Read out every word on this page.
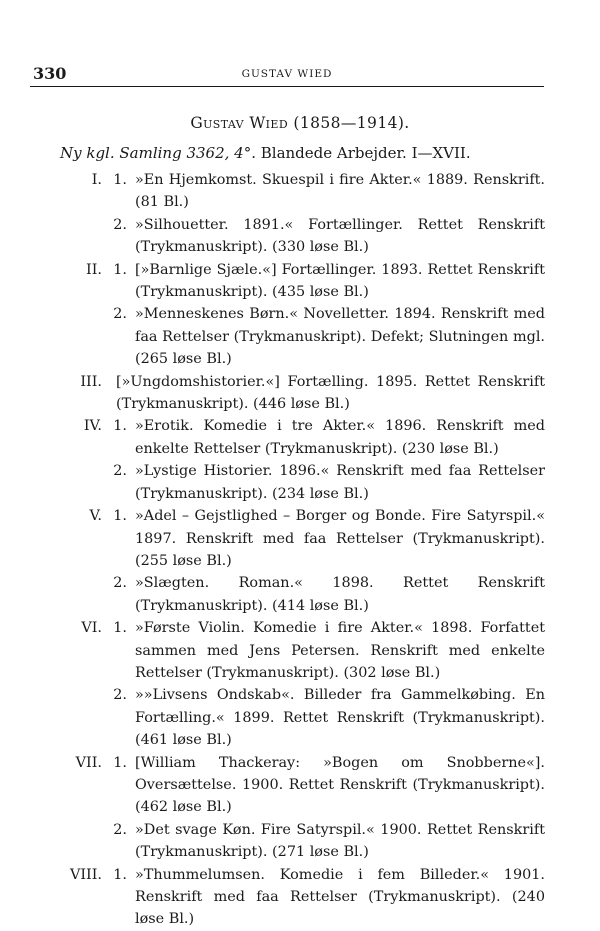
330	GUSTAV WIED
Gustav Wied (1858—1914).
Ny kgl. Samling 3362, 4°. Blandede Arbejder. I—XVII.
I. 1. »En Hjemkomst. Skuespil i fire Akter.« 1889. Renskrift. (81 Bl.)
2. »Silhouetter. 1891.« Fortællinger. Rettet Renskrift (Trykmanuskript). (330 løse Bl.)
II. 1. [»Barnlige Sjæle.«] Fortællinger. 1893. Rettet Renskrift (Trykmanuskript). (435 løse Bl.)
2. »Menneskenes Børn.« Novelletter. 1894. Renskrift med faa Rettelser (Trykmanuskript). Defekt; Slutningen mgl. (265 løse Bl.)
III. [»Ungdomshistorier.«] Fortælling. 1895. Rettet Renskrift (Trykmanuskript). (446 løse Bl.)
IV. 1. »Erotik. Komedie i tre Akter.« 1896. Renskrift med enkelte Rettelser (Trykmanuskript). (230 løse Bl.)
2. »Lystige Historier. 1896.« Renskrift med faa Rettelser (Trykmanuskript). (234 løse Bl.)
V. 1. »Adel – Gejstlighed – Borger og Bonde. Fire Satyrspil.« 1897. Renskrift med faa Rettelser (Trykmanuskript). (255 løse Bl.)
2. »Slægten. Roman.« 1898. Rettet Renskrift (Trykmanuskript). (414 løse Bl.)
VI. 1. »Første Violin. Komedie i fire Akter.« 1898. Forfattet sammen med Jens Petersen. Renskrift med enkelte Rettelser (Trykmanuskript). (302 løse Bl.)
2. »»Livsens Ondskab«. Billeder fra Gammelkøbing. En Fortælling.« 1899. Rettet Renskrift (Trykmanuskript). (461 løse Bl.)
VII. 1. [William Thackeray: »Bogen om Snobberne«]. Oversættelse. 1900. Rettet Renskrift (Trykmanuskript). (462 løse Bl.)
2. »Det svage Køn. Fire Satyrspil.« 1900. Rettet Renskrift (Trykmanuskript). (271 løse Bl.)
VIII. 1. »Thummelumsen. Komedie i fem Billeder.« 1901. Renskrift med faa Rettelser (Trykmanuskript). (240 løse Bl.)
